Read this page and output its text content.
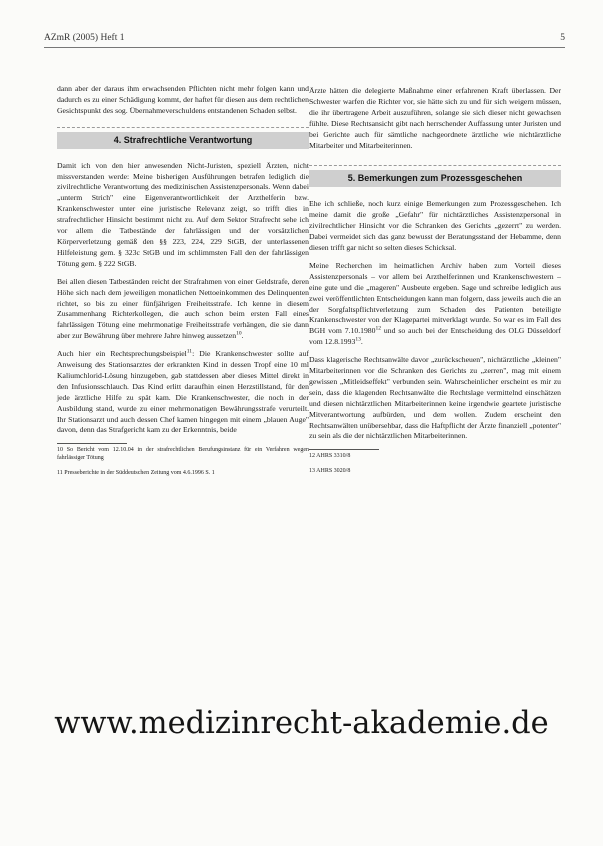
AZmR (2005) Heft 1	5

dann aber der daraus ihm erwachsenden Pflichten nicht mehr folgen kann und dadurch es zu einer Schädigung kommt, der haftet für diesen aus dem rechtlichen Gesichtspunkt des sog. Übernahmeverschuldens entstandenen Schaden selbst.

4. Strafrechtliche Verantwortung

Damit ich von den hier anwesenden Nicht-Juristen, speziell Ärzten, nicht missverstanden werde: Meine bisherigen Ausführungen betrafen lediglich die zivilrechtliche Verantwortung des medizinischen Assistenzpersonals. Wenn dabei „unterm Strich" eine Eigenverantwortlichkeit der Arzthelferin bzw. Krankenschwester unter eine juristische Relevanz zeigt, so trifft dies in strafrechtlicher Hinsicht bestimmt nicht zu. Auf dem Sektor Strafrecht sehe ich vor allem die Tatbestände der fahrlässigen und der vorsätzlichen Körperverletzung gemäß den §§ 223, 224, 229 StGB, der unterlassenen Hilfeleistung gem. § 323c StGB und im schlimmsten Fall den der fahrlässigen Tötung gem. § 222 StGB.

Bei allen diesen Tatbeständen reicht der Strafrahmen von einer Geldstrafe, deren Höhe sich nach dem jeweiligen monatlichen Nettoeinkommen des Delinquenten richtet, so bis zu einer fünfjährigen Freiheitsstrafe. Ich kenne in diesem Zusammenhang Richterkollegen, die auch schon beim ersten Fall eines fahrlässigen Tötung eine mehrmonatige Freiheitsstrafe verhängen, die sie dann aber zur Bewährung über mehrere Jahre hinweg aussetzen$^{10}$.

Auch hier ein Rechtsprechungsbeispiel$^{11}$: Die Krankenschwester sollte auf Anweisung des Stationsarztes der erkrankten Kind in dessen Tropf eine 10 ml Kaliumchlorid-Lösung hinzugeben, gab stattdessen aber dieses Mittel direkt in den Infusionsschlauch. Das Kind erlitt daraufhin einen Herzstillstand, für den jede ärztliche Hilfe zu spät kam. Die Krankenschwester, die noch in der Ausbildung stand, wurde zu einer mehrmonatigen Bewährungsstrafe verurteilt. Ihr Stationsarzt und auch dessen Chef kamen hingegen mit einem „blauen Auge" davon, denn das Strafgericht kam zu der Erkenntnis, beide

10 So Bericht vom 12.10.04 in der strafrechtlichen Berufungsinstanz für ein Verfahren wegen fahrlässiger Tötung

11 Presseberichte in der Süddeutschen Zeitung vom 4.6.1996 S. 1

Ärzte hätten die delegierte Maßnahme einer erfahrenen Kraft überlassen. Der Schwester warfen die Richter vor, sie hätte sich zu und für sich weigern müssen, die ihr übertragene Arbeit auszuführen, solange sie sich dieser nicht gewachsen fühlte. Diese Rechtsansicht gibt nach herrschender Auffassung unter Juristen und bei Gerichte auch für sämtliche nachgeordnete ärztliche wie nichtärztliche Mitarbeiter und Mitarbeiterinnen.

5. Bemerkungen zum Prozessgeschehen

Ehe ich schließe, noch kurz einige Bemerkungen zum Prozessgeschehen. Ich meine damit die große „Gefahr" für nichtärztliches Assistenzpersonal in zivilrechtlicher Hinsicht vor die Schranken des Gerichts „gezerrt" zu werden. Dabei vermeidet sich das ganz bewusst der Beratungsstand der Hebamme, denn diesen trifft gar nicht so selten dieses Schicksal.

Meine Recherchen im heimatlichen Archiv haben zum Vorteil dieses Assistenzpersonals – vor allem bei Arzthelferinnen und Krankenschwestern – eine gute und die „mageren" Ausbeute ergeben. Sage und schreibe lediglich aus zwei veröffentlichten Entscheidungen kann man folgern, dass jeweils auch die an der Sorgfaltspflichtverletzung zum Schaden des Patienten beteiligte Krankenschwester von der Klagepartei mitverklagt wurde. So war es im Fall des BGH vom 7.10.1980$^{12}$ und so auch bei der Entscheidung des OLG Düsseldorf vom 12.8.1993$^{13}$.

Dass klagerische Rechtsanwälte davor „zurückscheuen", nichtärztliche „kleinen" Mitarbeiterinnen vor die Schranken des Gerichts zu „zerren", mag mit einem gewissen „Mitleidseffekt" verbunden sein. Wahrscheinlicher erscheint es mir zu sein, dass die klagenden Rechtsanwälte die Rechtslage vermittelnd einschätzen und diesen nichtärztlichen Mitarbeiterinnen keine irgendwie geartete juristische Mitverantwortung aufbürden, und dem wollen. Zudem erscheint den Rechtsanwälten unübersehbar, dass die Haftpflicht der Ärzte finanziell „potenter" zu sein als die der nichtärztlichen Mitarbeiterinnen.

12 AHRS 3310/8

13 AHRS 3020/8

www.medizinrecht-akademie.de
